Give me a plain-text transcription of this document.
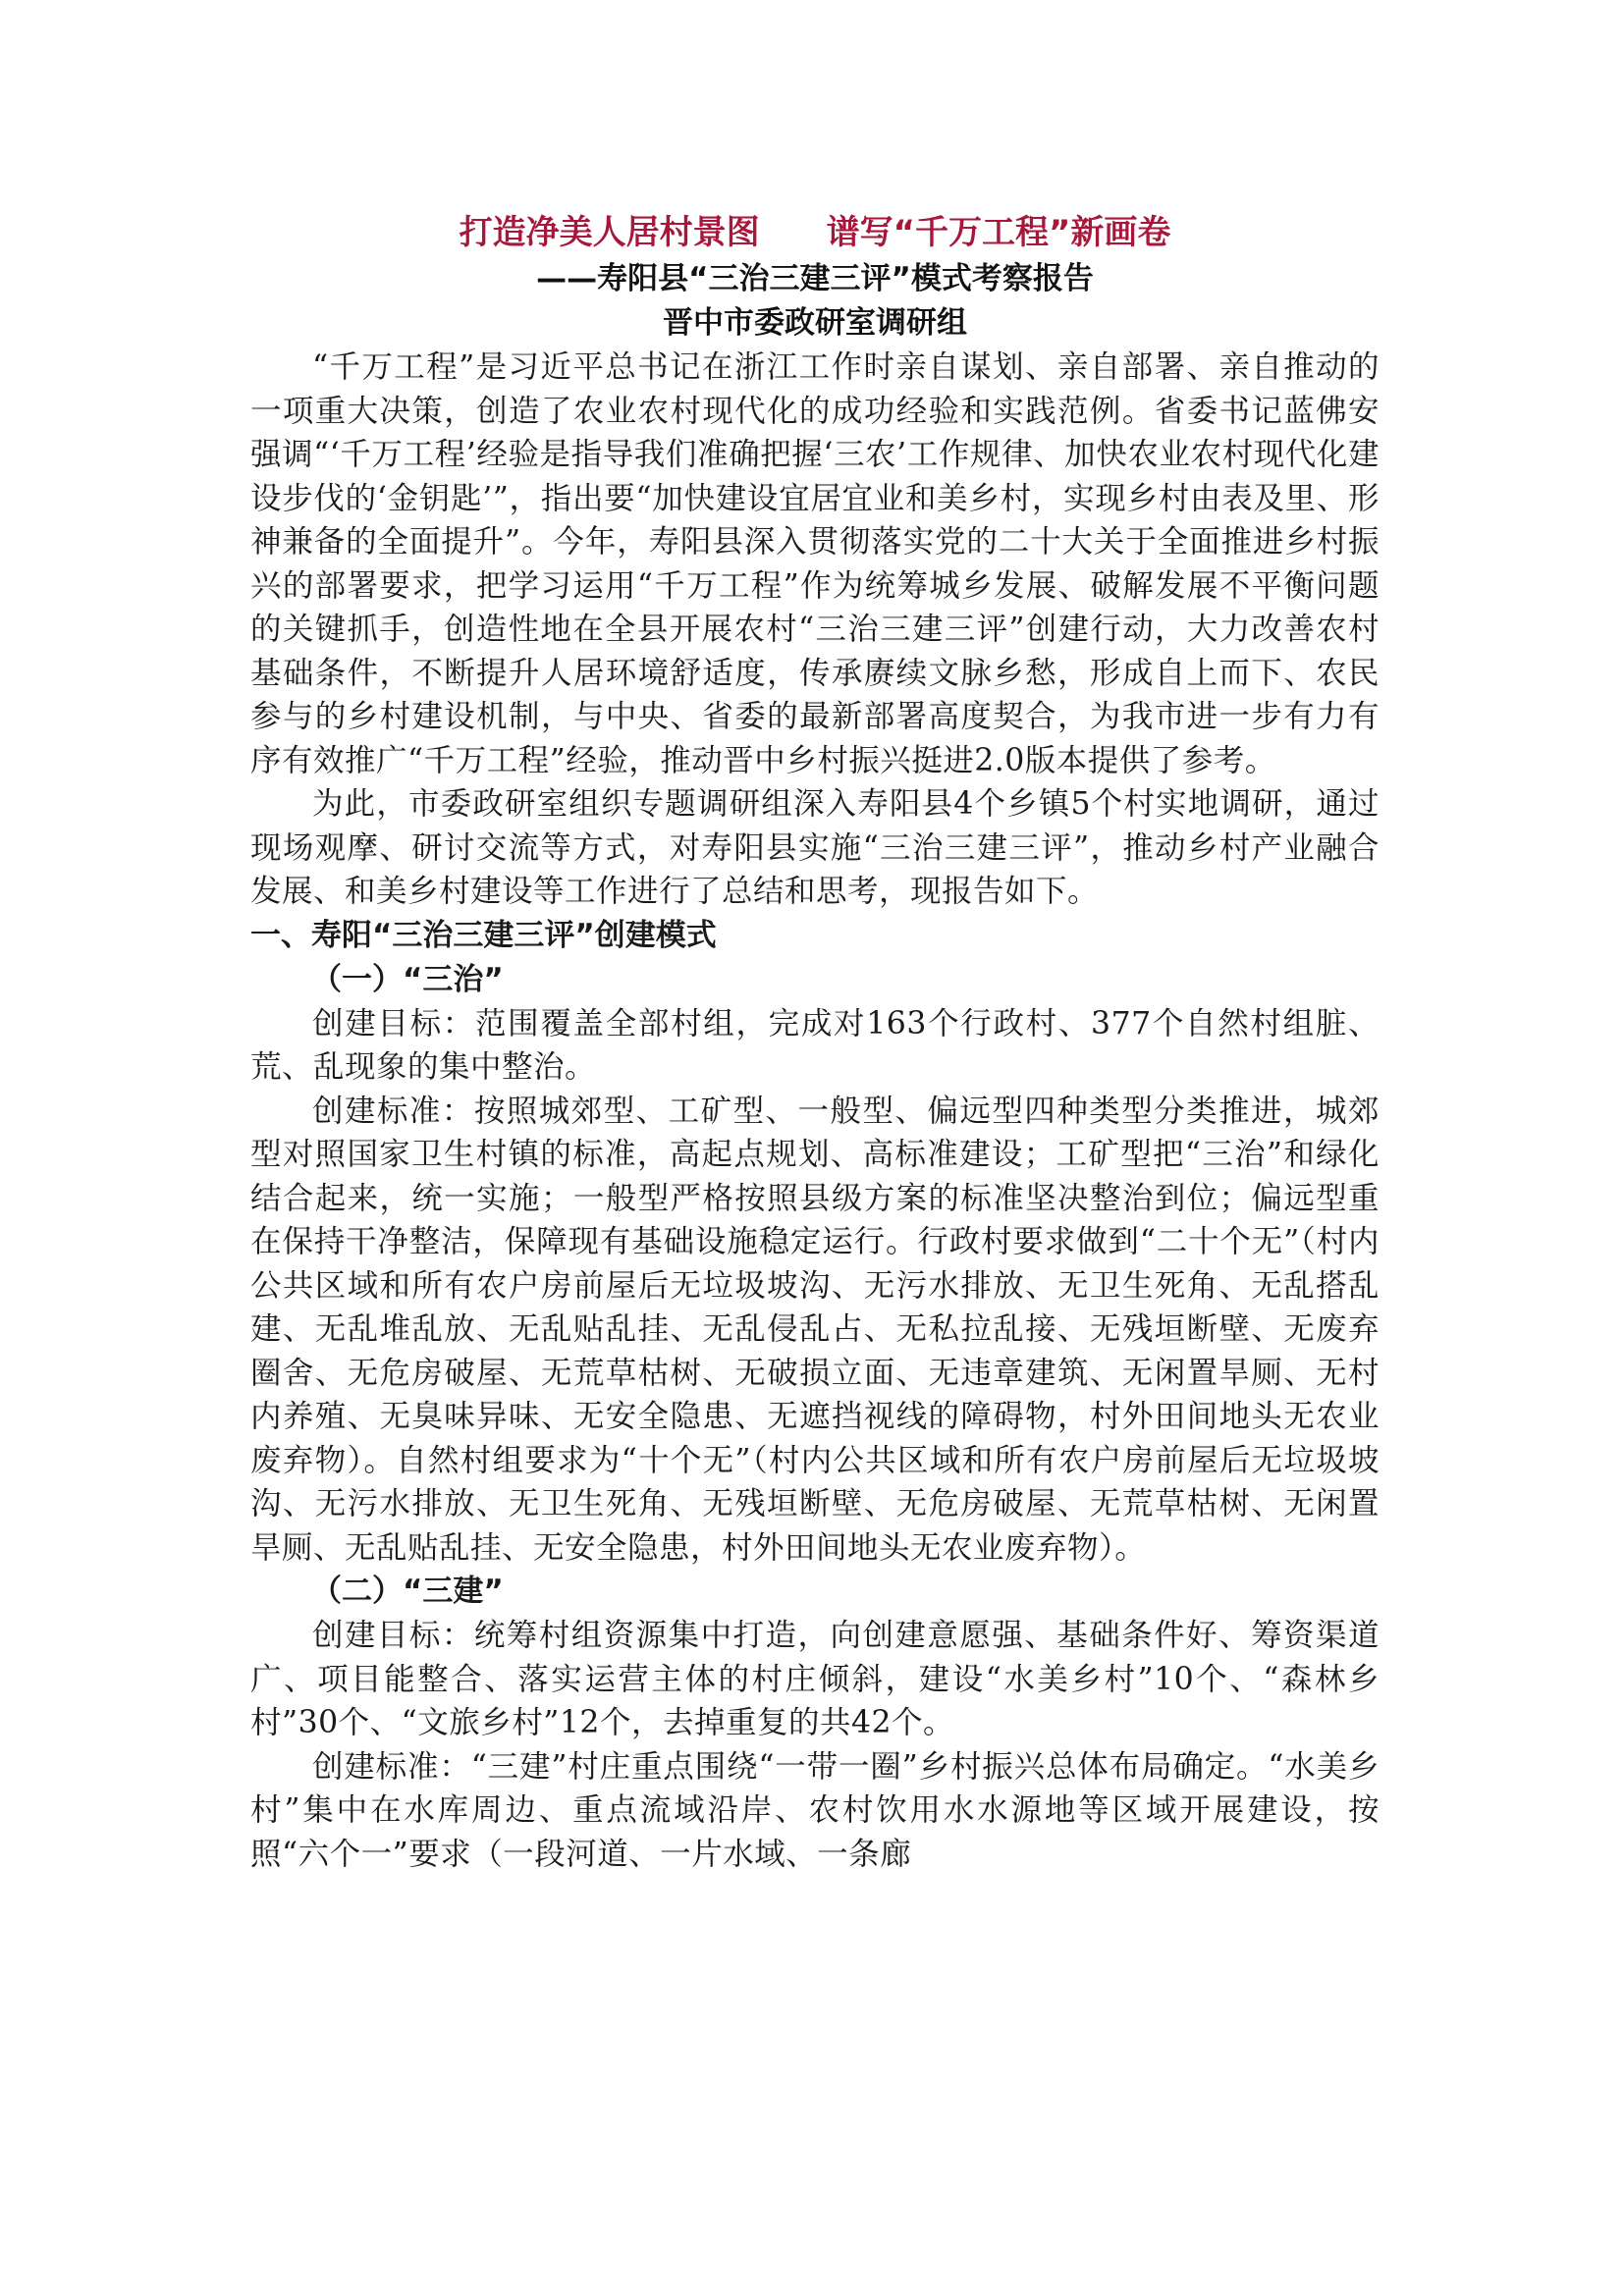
打造净美人居村景图　　谱写“千万工程”新画卷

——寿阳县“三治三建三评”模式考察报告

晋中市委政研室调研组

“千万工程”是习近平总书记在浙江工作时亲自谋划、亲自部署、亲自推动的一项重大决策，创造了农业农村现代化的成功经验和实践范例。省委书记蓝佛安强调“‘千万工程’经验是指导我们准确把握‘三农’工作规律、加快农业农村现代化建设步伐的‘金钥匙’”，指出要“加快建设宜居宜业和美乡村，实现乡村由表及里、形神兼备的全面提升”。今年，寿阳县深入贯彻落实党的二十大关于全面推进乡村振兴的部署要求，把学习运用“千万工程”作为统筹城乡发展、破解发展不平衡问题的关键抓手，创造性地在全县开展农村“三治三建三评”创建行动，大力改善农村基础条件，不断提升人居环境舒适度，传承赓续文脉乡愁，形成自上而下、农民参与的乡村建设机制，与中央、省委的最新部署高度契合，为我市进一步有力有序有效推广“千万工程”经验，推动晋中乡村振兴挺进2.0版本提供了参考。

为此，市委政研室组织专题调研组深入寿阳县4个乡镇5个村实地调研，通过现场观摩、研讨交流等方式，对寿阳县实施“三治三建三评”，推动乡村产业融合发展、和美乡村建设等工作进行了总结和思考，现报告如下。

一、寿阳“三治三建三评”创建模式
（一）“三治”

创建目标：范围覆盖全部村组，完成对163个行政村、377个自然村组脏、荒、乱现象的集中整治。

创建标准：按照城郊型、工矿型、一般型、偏远型四种类型分类推进，城郊型对照国家卫生村镇的标准，高起点规划、高标准建设；工矿型把“三治”和绿化结合起来，统一实施；一般型严格按照县级方案的标准坚决整治到位；偏远型重在保持干净整洁，保障现有基础设施稳定运行。行政村要求做到“二十个无”（村内公共区域和所有农户房前屋后无垃圾坡沟、无污水排放、无卫生死角、无乱搭乱建、无乱堆乱放、无乱贴乱挂、无乱侵乱占、无私拉乱接、无残垣断壁、无废弃圈舍、无危房破屋、无荒草枯树、无破损立面、无违章建筑、无闲置旱厕、无村内养殖、无臭味异味、无安全隐患、无遮挡视线的障碍物，村外田间地头无农业废弃物）。自然村组要求为“十个无”（村内公共区域和所有农户房前屋后无垃圾坡沟、无污水排放、无卫生死角、无残垣断壁、无危房破屋、无荒草枯树、无闲置旱厕、无乱贴乱挂、无安全隐患，村外田间地头无农业废弃物）。

（二）“三建”

创建目标：统筹村组资源集中打造，向创建意愿强、基础条件好、筹资渠道广、项目能整合、落实运营主体的村庄倾斜，建设“水美乡村”10个、“森林乡村”30个、“文旅乡村”12个，去掉重复的共42个。

创建标准：“三建”村庄重点围绕“一带一圈”乡村振兴总体布局确定。“水美乡村”集中在水库周边、重点流域沿岸、农村饮用水水源地等区域开展建设，按照“六个一”要求（一段河道、一片水域、一条廊
